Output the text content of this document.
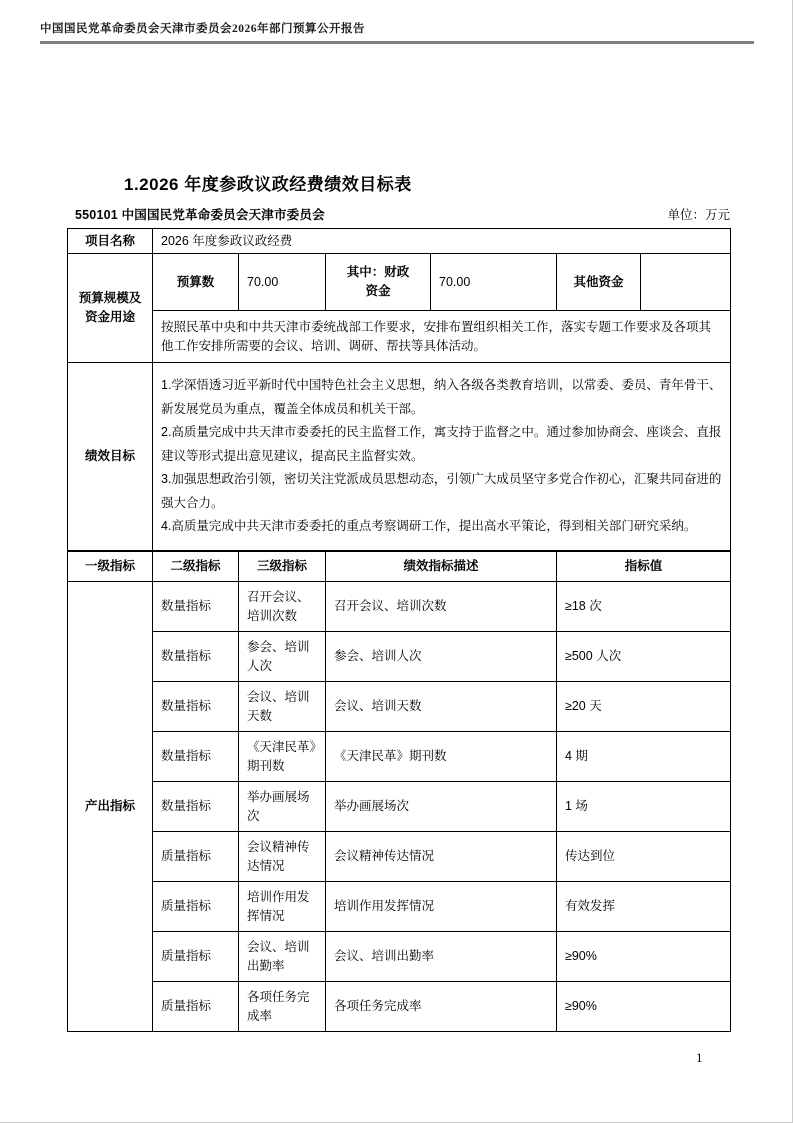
中国国民党革命委员会天津市委员会2026年部门预算公开报告
1.2026 年度参政议政经费绩效目标表
550101 中国国民党革命委员会天津市委员会	单位：万元
项目名称	2026 年度参政议政经费					
预算规模及资金用途	预算数	70.00	其中：财政资金	70.00	其他资金	
	按照民革中央和中共天津市委统战部工作要求，安排布置组织相关工作，落实专题工作要求及各项其他工作安排所需要的会议、培训、调研、帮扶等具体活动。					
绩效目标	1.学深悟透习近平新时代中国特色社会主义思想，纳入各级各类教育培训，以常委、委员、青年骨干、新发展党员为重点，覆盖全体成员和机关干部。
2.高质量完成中共天津市委委托的民主监督工作，寓支持于监督之中。通过参加协商会、座谈会、直报建议等形式提出意见建议，提高民主监督实效。
3.加强思想政治引领，密切关注党派成员思想动态，引领广大成员坚守多党合作初心，汇聚共同奋进的强大合力。
4.高质量完成中共天津市委委托的重点考察调研工作，提出高水平策论，得到相关部门研究采纳。					

一级指标	二级指标	三级指标	绩效指标描述		指标值	
产出指标	数量指标	召开会议、培训次数	召开会议、培训次数		≥18 次	
	数量指标	参会、培训人次	参会、培训人次		≥500 人次	
	数量指标	会议、培训天数	会议、培训天数		≥20 天	
	数量指标	《天津民革》期刊数	《天津民革》期刊数		4 期	
	数量指标	举办画展场次	举办画展场次		1 场	
	质量指标	会议精神传达情况	会议精神传达情况		传达到位	
	质量指标	培训作用发挥情况	培训作用发挥情况		有效发挥	
	质量指标	会议、培训出勤率	会议、培训出勤率		≥90%	
	质量指标	各项任务完成率	各项任务完成率		≥90%	
1
